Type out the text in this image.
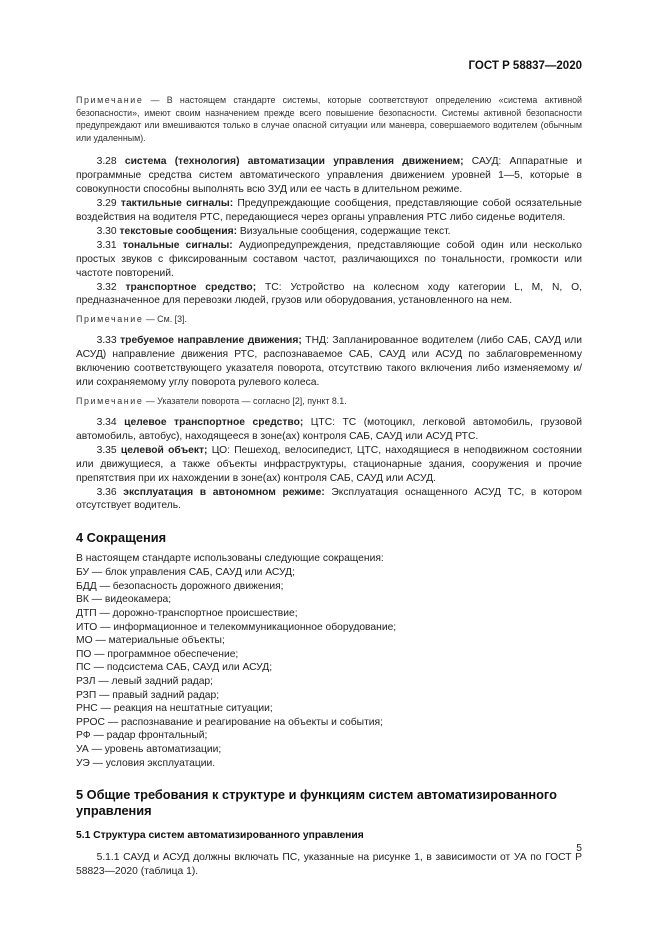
ГОСТ Р 58837—2020

Примечание — В настоящем стандарте системы, которые соответствуют определению «система активной безопасности», имеют своим назначением прежде всего повышение безопасности. Системы активной безопасности предупреждают или вмешиваются только в случае опасной ситуации или маневра, совершаемого водителем (обычным или удаленным).

  3.28 система (технология) автоматизации управления движением; САУД: Аппаратные и программные средства систем автоматического управления движением уровней 1—5, которые в совокупности способны выполнять всю ЗУД или ее часть в длительном режиме.

  3.29 тактильные сигналы: Предупреждающие сообщения, представляющие собой осязательные воздействия на водителя РТС, передающиеся через органы управления РТС либо сиденье водителя.

  3.30 текстовые сообщения: Визуальные сообщения, содержащие текст.

  3.31 тональные сигналы: Аудиопредупреждения, представляющие собой один или несколько простых звуков с фиксированным составом частот, различающихся по тональности, громкости или частоте повторений.

  3.32 транспортное средство; ТС: Устройство на колесном ходу категории L, M, N, O, предназначенное для перевозки людей, грузов или оборудования, установленного на нем.

Примечание — См. [3].

  3.33 требуемое направление движения; ТНД: Запланированное водителем (либо САБ, САУД или АСУД) направление движения РТС, распознаваемое САБ, САУД или АСУД по заблаговременному включению соответствующего указателя поворота, отсутствию такого включения либо изменяемому и/или сохраняемому углу поворота рулевого колеса.

Примечание — Указатели поворота — согласно [2], пункт 8.1.

  3.34 целевое транспортное средство; ЦТС: ТС (мотоцикл, легковой автомобиль, грузовой автомобиль, автобус), находящееся в зоне(ах) контроля САБ, САУД или АСУД РТС.

  3.35 целевой объект; ЦО: Пешеход, велосипедист, ЦТС, находящиеся в неподвижном состоянии или движущиеся, а также объекты инфраструктуры, стационарные здания, сооружения и прочие препятствия при их нахождении в зоне(ах) контроля САБ, САУД или АСУД.

  3.36 эксплуатация в автономном режиме: Эксплуатация оснащенного АСУД ТС, в котором отсутствует водитель.

4 Сокращения

В настоящем стандарте использованы следующие сокращения:

БУ — блок управления САБ, САУД или АСУД;
БДД — безопасность дорожного движения;
ВК — видеокамера;
ДТП — дорожно-транспортное происшествие;
ИТО — информационное и телекоммуникационное оборудование;
МО — материальные объекты;
ПО — программное обеспечение;
ПС — подсистема САБ, САУД или АСУД;
РЗЛ — левый задний радар;
РЗП — правый задний радар;
РНС — реакция на нештатные ситуации;
РРОС — распознавание и реагирование на объекты и события;
РФ — радар фронтальный;
УА — уровень автоматизации;
УЭ — условия эксплуатации.
5 Общие требования к структуре и функциям систем автоматизированного управления
5.1 Структура систем автоматизированного управления

  5.1.1 САУД и АСУД должны включать ПС, указанные на рисунке 1, в зависимости от УА по ГОСТ Р 58823—2020 (таблица 1).

5
